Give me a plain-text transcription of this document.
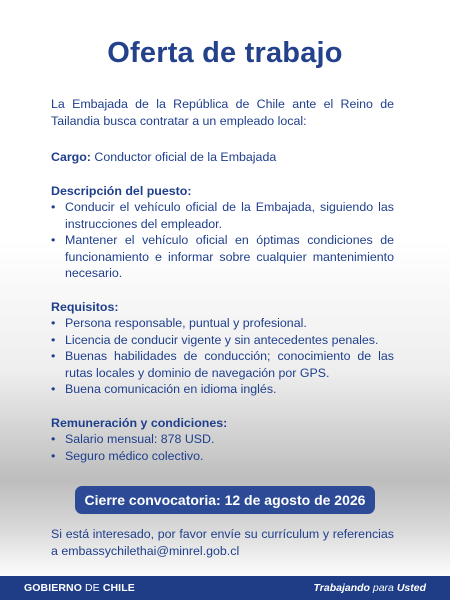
Oferta de trabajo

La Embajada de la República de Chile ante el Reino de Tailandia busca contratar a un empleado local:

Cargo: Conductor oficial de la Embajada

Descripción del puesto:

• Conducir el vehículo oficial de la Embajada, siguiendo las instrucciones del empleador.
• Mantener el vehículo oficial en óptimas condiciones de funcionamiento e informar sobre cualquier mantenimiento necesario.

Requisitos:

• Persona responsable, puntual y profesional.
• Licencia de conducir vigente y sin antecedentes penales.
• Buenas habilidades de conducción; conocimiento de las rutas locales y dominio de navegación por GPS.
• Buena comunicación en idioma inglés.

Remuneración y condiciones:

• Salario mensual: 878 USD.
• Seguro médico colectivo.
Cierre convocatoria: 12 de agosto de 2026

Si está interesado, por favor envíe su currículum y referencias a embassychilethai@minrel.gob.cl

GOBIERNO DE CHILE	Trabajando para Usted
